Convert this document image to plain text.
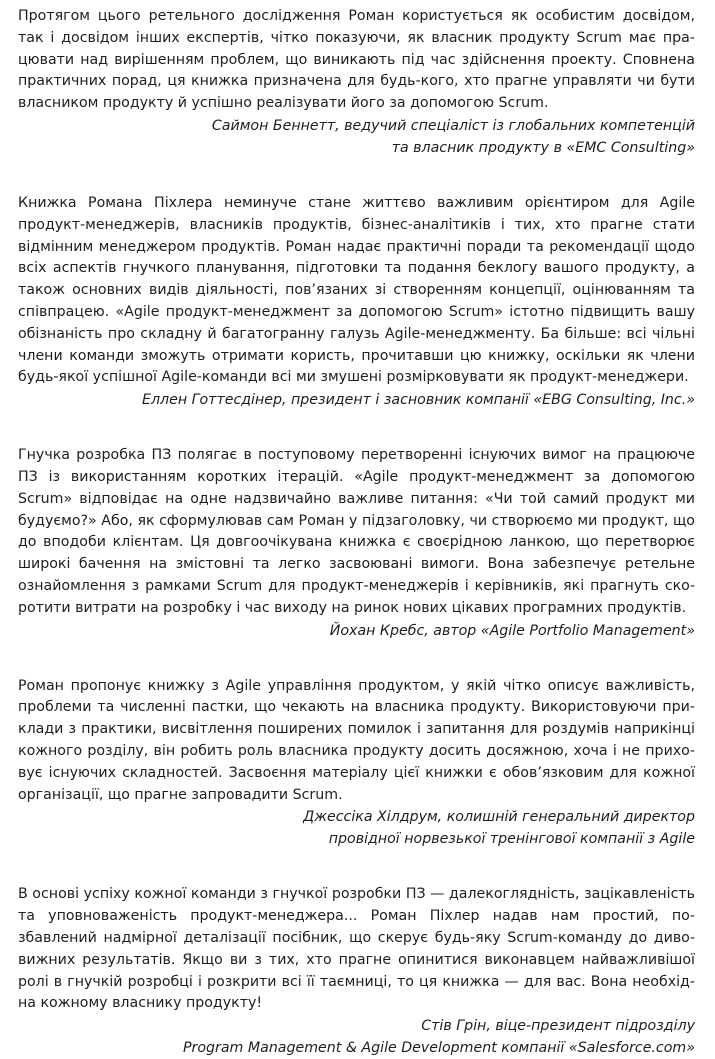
Протягом цього ретельного дослідження Роман користується як особистим досвідом, так і досвідом інших експертів, чітко показуючи, як власник продукту Scrum має працювати над вирішенням проблем, що виникають під час здійснення проекту. Сповнена практичних порад, ця книжка призначена для будь-кого, хто прагне управляти чи бути власником продукту й успішно реалізувати його за допомогою Scrum.

Саймон Беннетт, ведучий спеціаліст із глобальних компетенцій
та власник продукту в «EMC Consulting»

Книжка Романа Піхлера неминуче стане життєво важливим орієнтиром для Agile продукт-менеджерів, власників продуктів, бізнес-аналітиків і тих, хто прагне стати відмінним менеджером продуктів. Роман надає практичні поради та рекомендації щодо всіх аспектів гнучкого планування, підготовки та подання беклогу вашого продукту, а також основних видів діяльності, пов’язаних зі створенням концепції, оцінюванням та співпрацею. «Agile продукт-менеджмент за допомогою Scrum» істотно підвищить вашу обізнаність про складну й багатогранну галузь Agile-менеджменту. Ба більше: всі чільні члени команди зможуть отримати користь, прочитавши цю книжку, оскільки як члени будь-якої успішної Agile-команди всі ми змушені розмірковувати як продукт-менеджери.

Еллен Готтесдінер, президент і засновник компанії «EBG Consulting, Inc.»

Гнучка розробка ПЗ полягає в поступовому перетворенні існуючих вимог на працююче ПЗ із використанням коротких ітерацій. «Agile продукт-менеджмент за допомогою Scrum» відповідає на одне надзвичайно важливе питання: «Чи той самий продукт ми будуємо?» Або, як сформулював сам Роман у підзаголовку, чи створюємо ми продукт, що до вподоби клієнтам. Ця довгоочікувана книжка є своєрідною ланкою, що перетворює широкі бачення на змістовні та легко засвоювані вимоги. Вона забезпечує ретельне ознайомлення з рамками Scrum для продукт-менеджерів і керівників, які прагнуть скоротити витрати на розробку і час виходу на ринок нових цікавих програмних продуктів.

Йохан Кребс, автор «Agile Portfolio Management»

Роман пропонує книжку з Agile управління продуктом, у якій чітко описує важливість, проблеми та численні пастки, що чекають на власника продукту. Використовуючи приклади з практики, висвітлення поширених помилок і запитання для роздумів наприкінці кожного розділу, він робить роль власника продукту досить досяжною, хоча і не прихо вує існуючих складностей. Засвоєння матеріалу цієї книжки є обов’язковим для кожної організації, що прагне запровадити Scrum.

Джессіка Хілдрум, колишній генеральний директор
провідної норвезької тренінгової компанії з Agile

В основі успіху кожної команди з гнучкої розробки ПЗ — далекоглядність, зацікавленість та уповноваженість продукт-менеджера... Роман Піхлер надав нам простий, позбавлений надмірної деталізації посібник, що скерує будь-яку Scrum-команду до дивовижних результатів. Якщо ви з тих, хто прагне опинитися виконавцем найважливішої ролі в гнучкій розробці і розкрити всі її таємниці, то ця книжка — для вас. Вона необхідна кожному власнику продукту!

Стів Грін, віце-президент підрозділу
Program Management & Agile Development компанії «Salesforce.com»
